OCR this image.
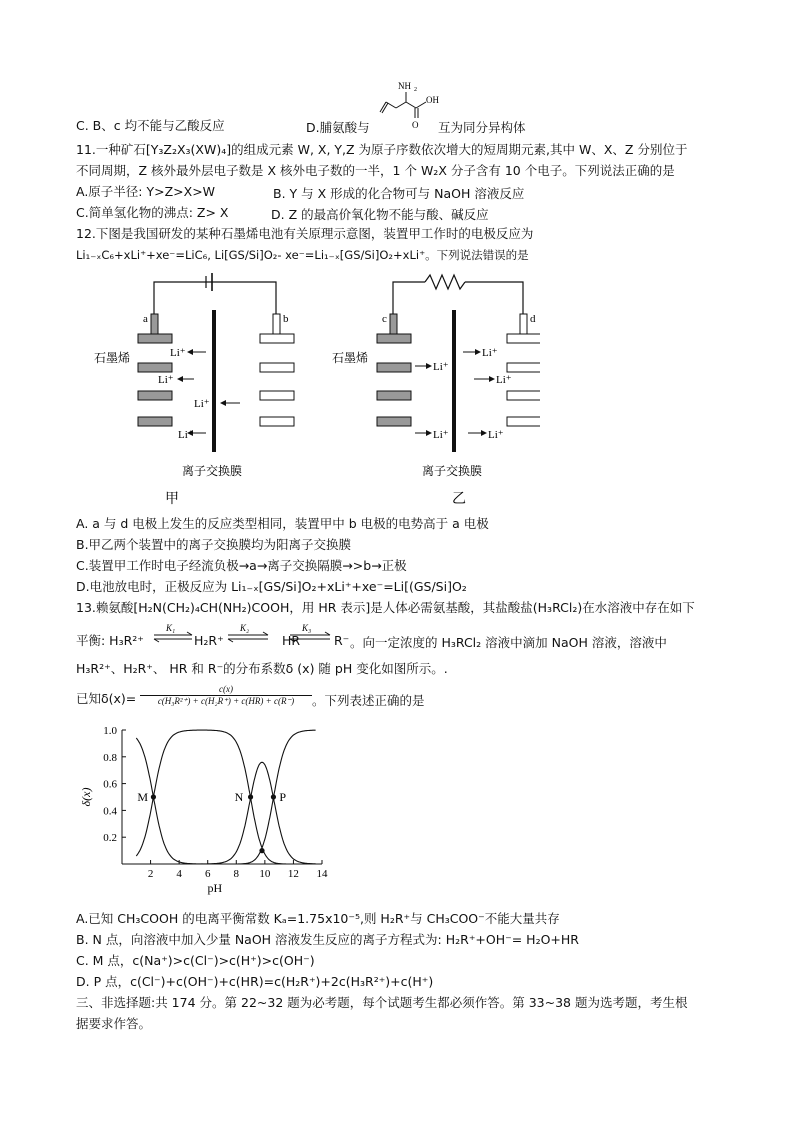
NH 2
OH
O
C. B、c 均不能与乙酸反应	D.脯氨酸与	互为同分异构体
11.一种矿石[Y₃Z₂X₃(XW)₄]的组成元素 W, X, Y,Z 为原子序数依次增大的短周期元素,其中 W、X、Z 分别位于
不同周期，Z 核外最外层电子数是 X 核外电子数的一半，1 个 W₂X 分子含有 10 个电子。下列说法正确的是
A.原子半径: Y>Z>X>W	B. Y 与 X 形成的化合物可与 NaOH 溶液反应
C.简单氢化物的沸点: Z> X	D. Z 的最高价氧化物不能与酸、碱反应
12.下图是我国研发的某种石墨烯电池有关原理示意图，装置甲工作时的电极反应为
Li₁₋ₓC₆+xLi⁺+xe⁻=LiC₆, Li[GS/Si]O₂- xe⁻=Li₁₋ₓ[GS/Si]O₂+xLi⁺。下列说法错误的是
a	b
石墨烯	Li⁺
Li⁺
Li⁺
Li⁺
离子交换膜
甲
c	d
石墨烯
Li⁺
Li⁺
Li⁺
Li⁺	Li⁺
离子交换膜
乙
A. a 与 d 电极上发生的反应类型相同，装置甲中 b 电极的电势高于 a 电极
B.甲乙两个装置中的离子交换膜均为阳离子交换膜
C.装置甲工作时电子经流负极→a→离子交换隔膜→>b→正极
D.电池放电时，正极反应为 Li₁₋ₓ[GS/Si]O₂+xLi⁺+xe⁻=Li[(GS/Si]O₂
13.赖氨酸[H₂N(CH₂)₄CH(NH₂)COOH，用 HR 表示]是人体必需氨基酸，其盐酸盐(H₃RCl₂)在水溶液中存在如下
平衡: H₃R²⁺
K₁	K₂	K₃
H₂R⁺	HR	R⁻ 。向一定浓度的 H₃RCl₂ 溶液中滴加 NaOH 溶液，溶液中
H₃R²⁺、H₂R⁺、 HR 和 R⁻的分布系数δ (x) 随 pH 变化如图所示。.
已知$\delta(x)= \frac{c(x)}{\text{c(H₃R²⁺) + c(H₂R⁺) + c(HR) + c(R⁻)}}$ 。下列表述正确的是
2 4 6 8 10 12 14
0.2
0.4
0.6
0.8
1.0
pH
δ(x)	M	N	P
A.已知 CH₃COOH 的电离平衡常数 Kₐ=1.75x10⁻⁵,则 H₂R⁺与 CH₃COO⁻不能大量共存
B. N 点，向溶液中加入少量 NaOH 溶液发生反应的离子方程式为: H₂R⁺+OH⁻= H₂O+HR
C. M 点，c(Na⁺)>c(Cl⁻)>c(H⁺)>c(OH⁻)
D. P 点，c(Cl⁻)+c(OH⁻)+c(HR)=c(H₂R⁺)+2c(H₃R²⁺)+c(H⁺)
三、非选择题:共 174 分。第 22~32 题为必考题，每个试题考生都必须作答。第 33~38 题为选考题，考生根
据要求作答。
